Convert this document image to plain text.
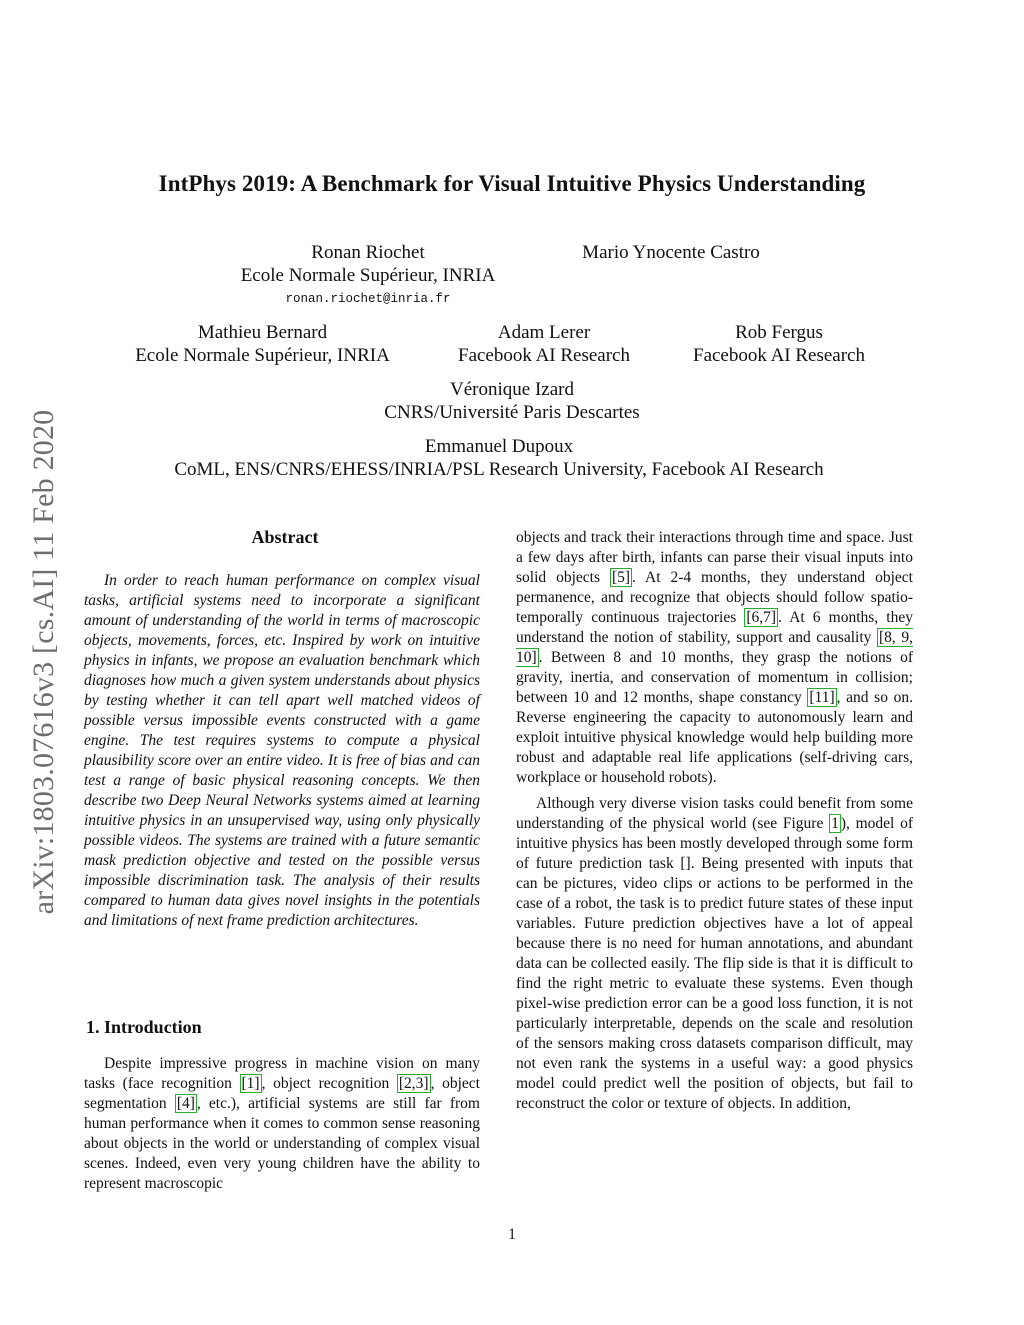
arXiv:1803.07616v3 [cs.AI] 11 Feb 2020
IntPhys 2019: A Benchmark for Visual Intuitive Physics Understanding
Ronan Riochet
Ecole Normale Supérieur, INRIA
ronan.riochet@inria.fr
Mario Ynocente Castro
Mathieu Bernard
Ecole Normale Supérieur, INRIA
Adam Lerer
Facebook AI Research
Rob Fergus
Facebook AI Research
Véronique Izard
CNRS/Université Paris Descartes
Emmanuel Dupoux
CoML, ENS/CNRS/EHESS/INRIA/PSL Research University, Facebook AI Research
Abstract
In order to reach human performance on complex visual tasks, artificial systems need to incorporate a significant amount of understanding of the world in terms of macroscopic objects, movements, forces, etc. Inspired by work on intuitive physics in infants, we propose an evaluation benchmark which diagnoses how much a given system understands about physics by testing whether it can tell apart well matched videos of possible versus impossible events constructed with a game engine. The test requires systems to compute a physical plausibility score over an entire video. It is free of bias and can test a range of basic physical reasoning concepts. We then describe two Deep Neural Networks systems aimed at learning intuitive physics in an unsupervised way, using only physically possible videos. The systems are trained with a future semantic mask prediction objective and tested on the possible versus impossible discrimination task. The analysis of their results compared to human data gives novel insights in the potentials and limitations of next frame prediction architectures.
1. Introduction
Despite impressive progress in machine vision on many tasks (face recognition [1] , object recognition [2,3] , object segmentation [4] , etc.), artificial systems are still far from human performance when it comes to common sense reasoning about objects in the world or understanding of complex visual scenes. Indeed, even very young children have the ability to represent macroscopic

objects and track their interactions through time and space. Just a few days after birth, infants can parse their visual inputs into solid objects [5] . At 2-4 months, they understand object permanence, and recognize that objects should follow spatio-temporally continuous trajectories [6,7] . At 6 months, they understand the notion of stability, support and causality [8, 9, 10] . Between 8 and 10 months, they grasp the notions of gravity, inertia, and conservation of momentum in collision; between 10 and 12 months, shape constancy [11] , and so on. Reverse engineering the capacity to autonomously learn and exploit intuitive physical knowledge would help building more robust and adaptable real life applications (self-driving cars, workplace or household robots).

Although very diverse vision tasks could benefit from some understanding of the physical world (see Figure 1 ), model of intuitive physics has been mostly developed through some form of future prediction task []. Being presented with inputs that can be pictures, video clips or actions to be performed in the case of a robot, the task is to predict future states of these input variables. Future prediction objectives have a lot of appeal because there is no need for human annotations, and abundant data can be collected easily. The flip side is that it is difficult to find the right metric to evaluate these systems. Even though pixel-wise prediction error can be a good loss function, it is not particularly interpretable, depends on the scale and resolution of the sensors making cross datasets comparison difficult, may not even rank the systems in a useful way: a good physics model could predict well the position of objects, but fail to reconstruct the color or texture of objects. In addition,

1
